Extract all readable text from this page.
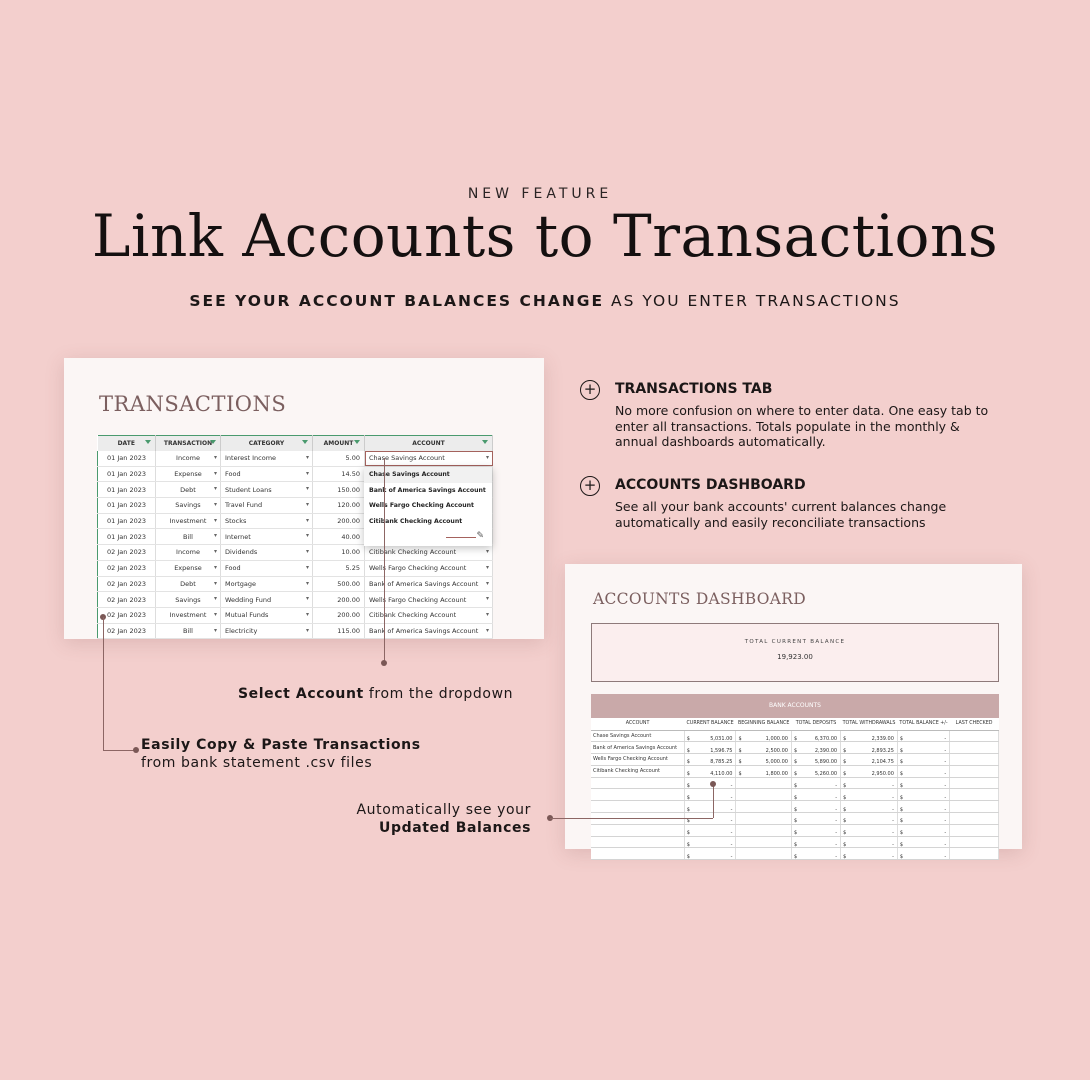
NEW FEATURE
Link Accounts to Transactions
SEE YOUR ACCOUNT BALANCES CHANGE AS YOU ENTER TRANSACTIONS
TRANSACTIONS
DATE	TRANSACTION	CATEGORY	AMOUNT	ACCOUNT

01 Jan 2023	Income ▾	Interest Income ▾	5.00	Chase Savings Account ▾
01 Jan 2023	Expense ▾	Food ▾	14.50	▾
01 Jan 2023	Debt ▾	Student Loans ▾	150.00	▾
01 Jan 2023	Savings ▾	Travel Fund ▾	120.00	▾
01 Jan 2023	Investment ▾	Stocks ▾	200.00	▾
01 Jan 2023	Bill ▾	Internet ▾	40.00	▾
02 Jan 2023	Income ▾	Dividends ▾	10.00	Citibank Checking Account ▾
02 Jan 2023	Expense ▾	Food ▾	5.25	Wells Fargo Checking Account ▾
02 Jan 2023	Debt ▾	Mortgage ▾	500.00	Bank of America Savings Account ▾
02 Jan 2023	Savings ▾	Wedding Fund ▾	200.00	Wells Fargo Checking Account ▾
02 Jan 2023	Investment ▾	Mutual Funds ▾	200.00	Citibank Checking Account ▾
02 Jan 2023	Bill ▾	Electricity ▾	115.00	Bank of America Savings Account ▾
Chase Savings Account
Bank of America Savings Account
Wells Fargo Checking Account
Citibank Checking Account
✎
+ TRANSACTIONS TAB
No more confusion on where to enter data. One easy tab to enter all transactions. Totals populate in the monthly & annual dashboards automatically.
+ ACCOUNTS DASHBOARD
See all your bank accounts' current balances change automatically and easily reconciliate transactions
ACCOUNTS DASHBOARD
TOTAL CURRENT BALANCE
19,923.00
BANK ACCOUNTS
ACCOUNT	CURRENT BALANCE	BEGINNING BALANCE	TOTAL DEPOSITS	TOTAL WITHDRAWALS	TOTAL BALANCE +/-	LAST CHECKED
Chase Savings Account	$ 5,031.00	$ 1,000.00	$ 6,370.00	$ 2,339.00	$ -	

Bank of America Savings Account	$ 1,596.75	$ 2,500.00	$ 2,390.00	$ 2,893.25	$ -	

Wells Fargo Checking Account	$ 8,785.25	$ 5,000.00	$ 5,890.00	$ 2,104.75	$ -	

Citibank Checking Account	$ 4,110.00	$ 1,800.00	$ 5,260.00	$ 2,950.00	$ -	

	$ -		$ -	$ -	$ -	

	$ -		$ -	$ -	$ -	

	$ -		$ -	$ -	$ -	

	$ -		$ -	$ -	$ -	

	$ -		$ -	$ -	$ -	

	$ -		$ -	$ -	$ -	

	$ -		$ -	$ -	$ -	

Select Account from the dropdown
Easily Copy & Paste Transactions
from bank statement .csv files
Automatically see your
Updated Balances
